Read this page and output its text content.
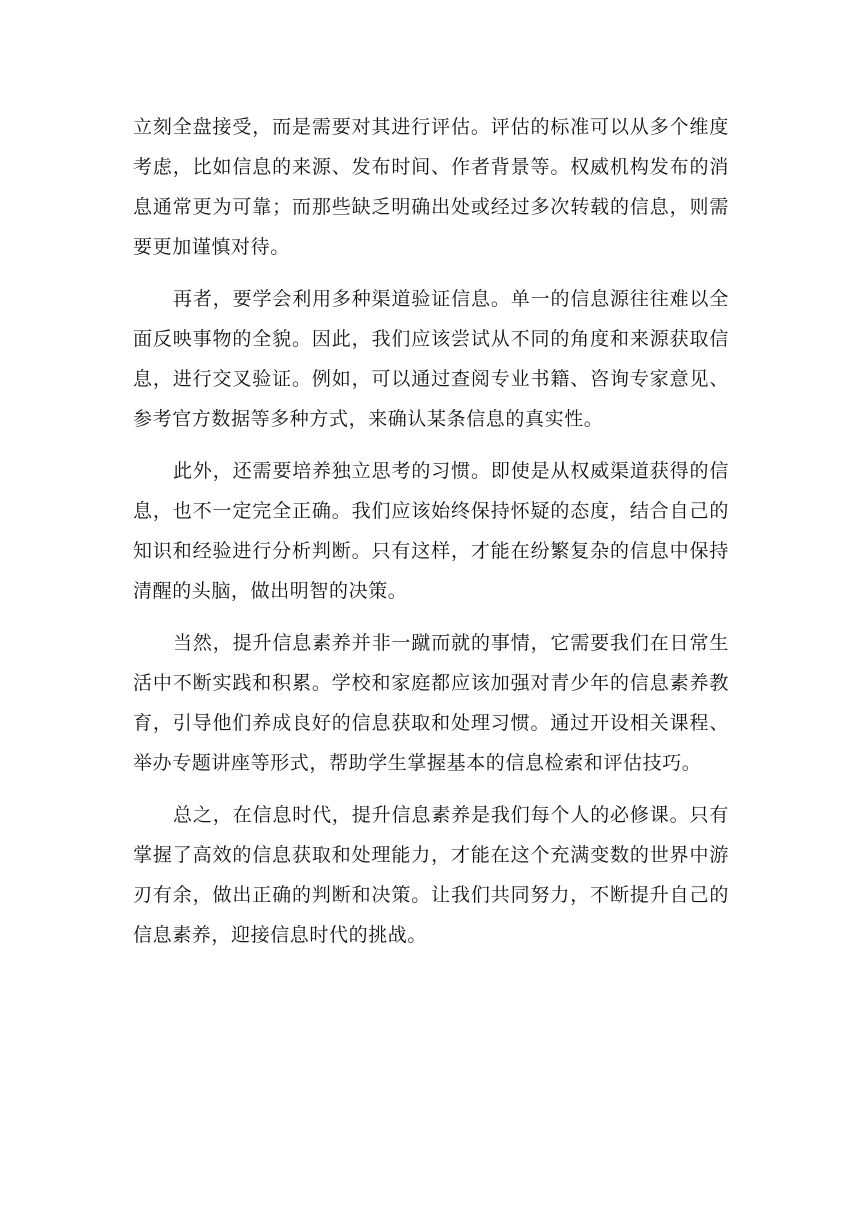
立刻全盘接受，而是需要对其进行评估。评估的标准可以从多个维度考虑，比如信息的来源、发布时间、作者背景等。权威机构发布的消息通常更为可靠；而那些缺乏明确出处或经过多次转载的信息，则需要更加谨慎对待。

再者，要学会利用多种渠道验证信息。单一的信息源往往难以全面反映事物的全貌。因此，我们应该尝试从不同的角度和来源获取信息，进行交叉验证。例如，可以通过查阅专业书籍、咨询专家意见、参考官方数据等多种方式，来确认某条信息的真实性。

此外，还需要培养独立思考的习惯。即使是从权威渠道获得的信息，也不一定完全正确。我们应该始终保持怀疑的态度，结合自己的知识和经验进行分析判断。只有这样，才能在纷繁复杂的信息中保持清醒的头脑，做出明智的决策。

当然，提升信息素养并非一蹴而就的事情，它需要我们在日常生活中不断实践和积累。学校和家庭都应该加强对青少年的信息素养教育，引导他们养成良好的信息获取和处理习惯。通过开设相关课程、举办专题讲座等形式，帮助学生掌握基本的信息检索和评估技巧。

总之，在信息时代，提升信息素养是我们每个人的必修课。只有掌握了高效的信息获取和处理能力，才能在这个充满变数的世界中游刃有余，做出正确的判断和决策。让我们共同努力，不断提升自己的信息素养，迎接信息时代的挑战。
